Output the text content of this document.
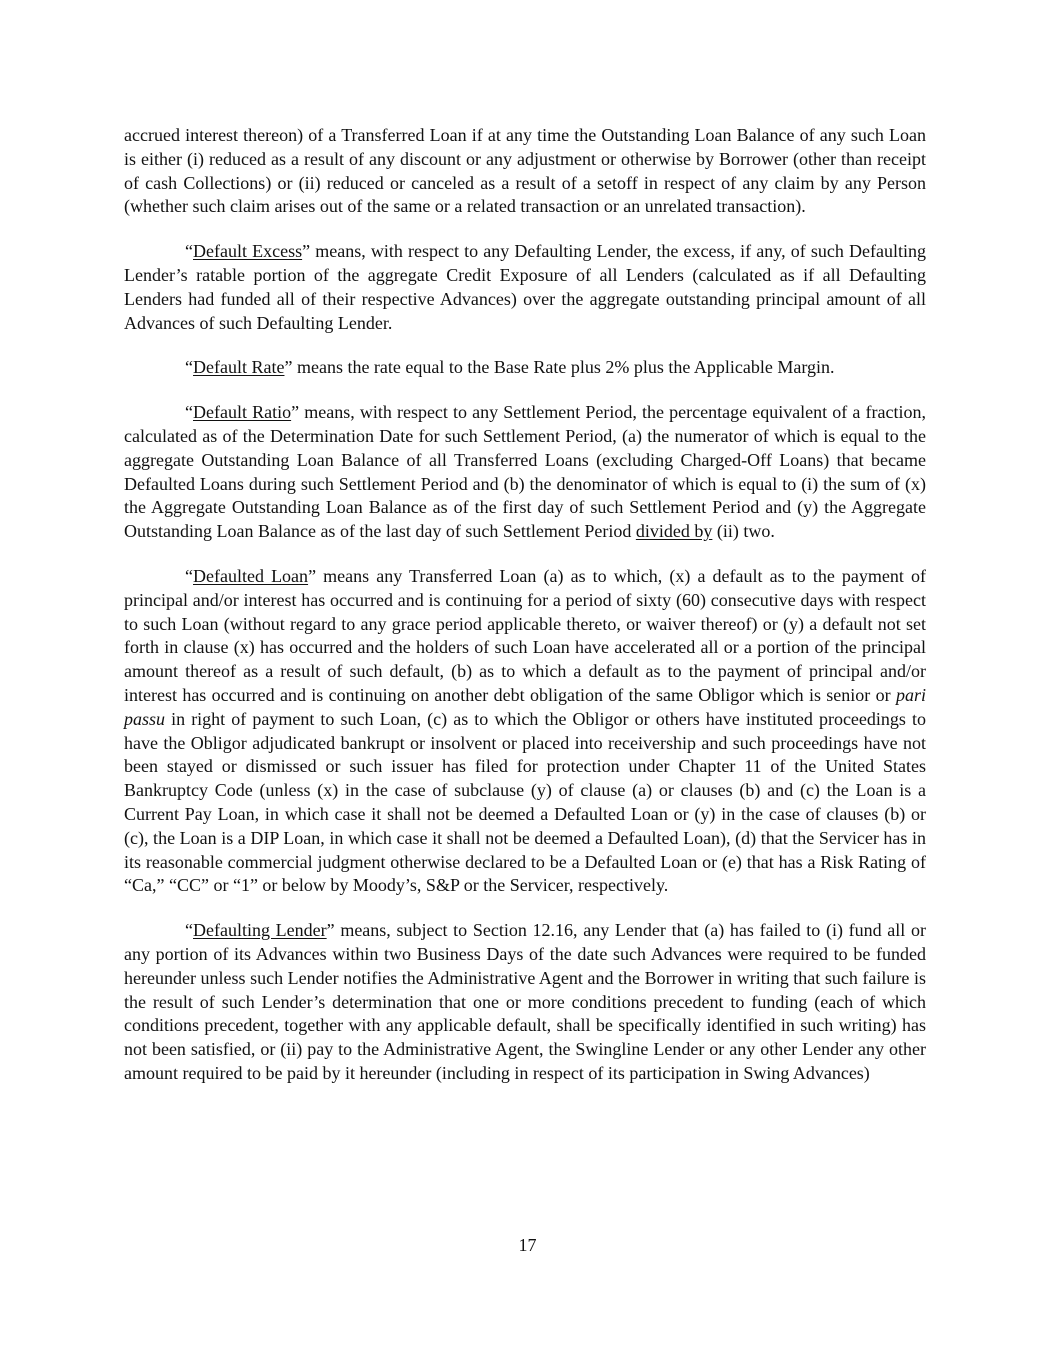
accrued interest thereon) of a Transferred Loan if at any time the Outstanding Loan Balance of any such Loan is either (i) reduced as a result of any discount or any adjustment or otherwise by Borrower (other than receipt of cash Collections) or (ii) reduced or canceled as a result of a setoff in respect of any claim by any Person (whether such claim arises out of the same or a related transaction or an unrelated transaction).

“Default Excess” means, with respect to any Defaulting Lender, the excess, if any, of such Defaulting Lender’s ratable portion of the aggregate Credit Exposure of all Lenders (calculated as if all Defaulting Lenders had funded all of their respective Advances) over the aggregate outstanding principal amount of all Advances of such Defaulting Lender.

“Default Rate” means the rate equal to the Base Rate plus 2% plus the Applicable Margin.

“Default Ratio” means, with respect to any Settlement Period, the percentage equivalent of a fraction, calculated as of the Determination Date for such Settlement Period, (a) the numerator of which is equal to the aggregate Outstanding Loan Balance of all Transferred Loans (excluding Charged-Off Loans) that became Defaulted Loans during such Settlement Period and (b) the denominator of which is equal to (i) the sum of (x) the Aggregate Outstanding Loan Balance as of the first day of such Settlement Period and (y) the Aggregate Outstanding Loan Balance as of the last day of such Settlement Period divided by (ii) two.

“Defaulted Loan” means any Transferred Loan (a) as to which, (x) a default as to the payment of principal and/or interest has occurred and is continuing for a period of sixty (60) consecutive days with respect to such Loan (without regard to any grace period applicable thereto, or waiver thereof) or (y) a default not set forth in clause (x) has occurred and the holders of such Loan have accelerated all or a portion of the principal amount thereof as a result of such default, (b) as to which a default as to the payment of principal and/or interest has occurred and is continuing on another debt obligation of the same Obligor which is senior or pari passu in right of payment to such Loan, (c) as to which the Obligor or others have instituted proceedings to have the Obligor adjudicated bankrupt or insolvent or placed into receivership and such proceedings have not been stayed or dismissed or such issuer has filed for protection under Chapter 11 of the United States Bankruptcy Code (unless (x) in the case of subclause (y) of clause (a) or clauses (b) and (c) the Loan is a Current Pay Loan, in which case it shall not be deemed a Defaulted Loan or (y) in the case of clauses (b) or (c), the Loan is a DIP Loan, in which case it shall not be deemed a Defaulted Loan), (d) that the Servicer has in its reasonable commercial judgment otherwise declared to be a Defaulted Loan or (e) that has a Risk Rating of “Ca,” “CC” or “1” or below by Moody’s, S&P or the Servicer, respectively.

“Defaulting Lender” means, subject to Section 12.16, any Lender that (a) has failed to (i) fund all or any portion of its Advances within two Business Days of the date such Advances were required to be funded hereunder unless such Lender notifies the Administrative Agent and the Borrower in writing that such failure is the result of such Lender’s determination that one or more conditions precedent to funding (each of which conditions precedent, together with any applicable default, shall be specifically identified in such writing) has not been satisfied, or (ii) pay to the Administrative Agent, the Swingline Lender or any other Lender any other amount required to be paid by it hereunder (including in respect of its participation in Swing Advances)

17
